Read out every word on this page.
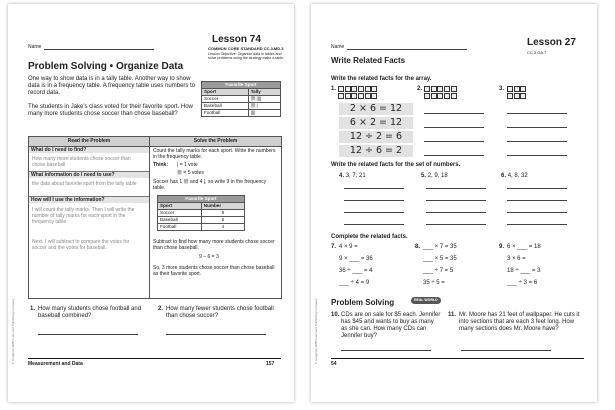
Name
Lesson 74
COMMON CORE STANDARD CC.3.MD.3
Lesson Objective: Organize data in tables and solve problems using the strategy make a table.
Problem Solving • Organize Data
One way to show data is in a tally table. Another way to show data is in a frequency table. A frequency table uses numbers to record data.
Favorite Sport	
Sport	Tally
Soccer	卌 ||||
Baseball	卌 |
Football	||||
The students in Jake's class voted for their favorite sport. How many more students chose soccer than chose baseball?
Read the Problem	Solve the Problem
What do I need to find?
How many more students chose soccer than chose baseball
What information do I need to use?
the data about favorite sport from the tally table
How will I use the information?
I will count the tally marks. Then I will write the number of tally marks for each sport in the frequency table.
Next, I will subtract to compare the votes for soccer and the votes for baseball.
Count the tally marks for each sport. Write the numbers in the frequency table.
Think: | = 1 vote
卌 = 5 votes
Soccer has 1 卌 and 4 |, so write 9 in the frequency table.
Favorite Sport	
Sport	Number
Soccer	9
Baseball	6
Football	4
Subtract to find how many more students chose soccer than chose baseball.
9 − 6 = 3
So, 3 more students chose soccer than chose baseball as their favorite sport.
1. How many students chose football and baseball combined?
2. How many fewer students chose football than chose soccer?
Measurement and Data	157
© Houghton Mifflin Harcourt Publishing Company
Name	Lesson 27
CC.3.OA.7
Write Related Facts
Write the related facts for the array.
1.
2 × 6 = 12
6 × 2 = 12
12 ÷ 2 = 6
12 ÷ 6 = 2
2.	3.
Write the related facts for the set of numbers.
4. 3, 7, 21	5. 2, 9, 18	6. 4, 8, 32
Complete the related facts.
7. 4 × 9 =
9 × ___ = 36
36 ÷ ___ = 4
___ ÷ 4 = 9
8. ___ × 7 = 35
___ × 5 = 35
___ ÷ 7 = 5
35 ÷ 5 =
9. 6 × ___ = 18
3 × 6 =
18 ÷ ___ = 3
___ ÷ 3 = 6
Problem Solving	REAL WORLD
10. CDs are on sale for $5 each. Jennifer has $45 and wants to buy as many as she can. How many CDs can Jennifer buy?
11. Mr. Moore has 21 feet of wallpaper. He cuts it into sections that are each 3 feet long. How many sections does Mr. Moore have?
54
© Houghton Mifflin Harcourt Publishing Company
